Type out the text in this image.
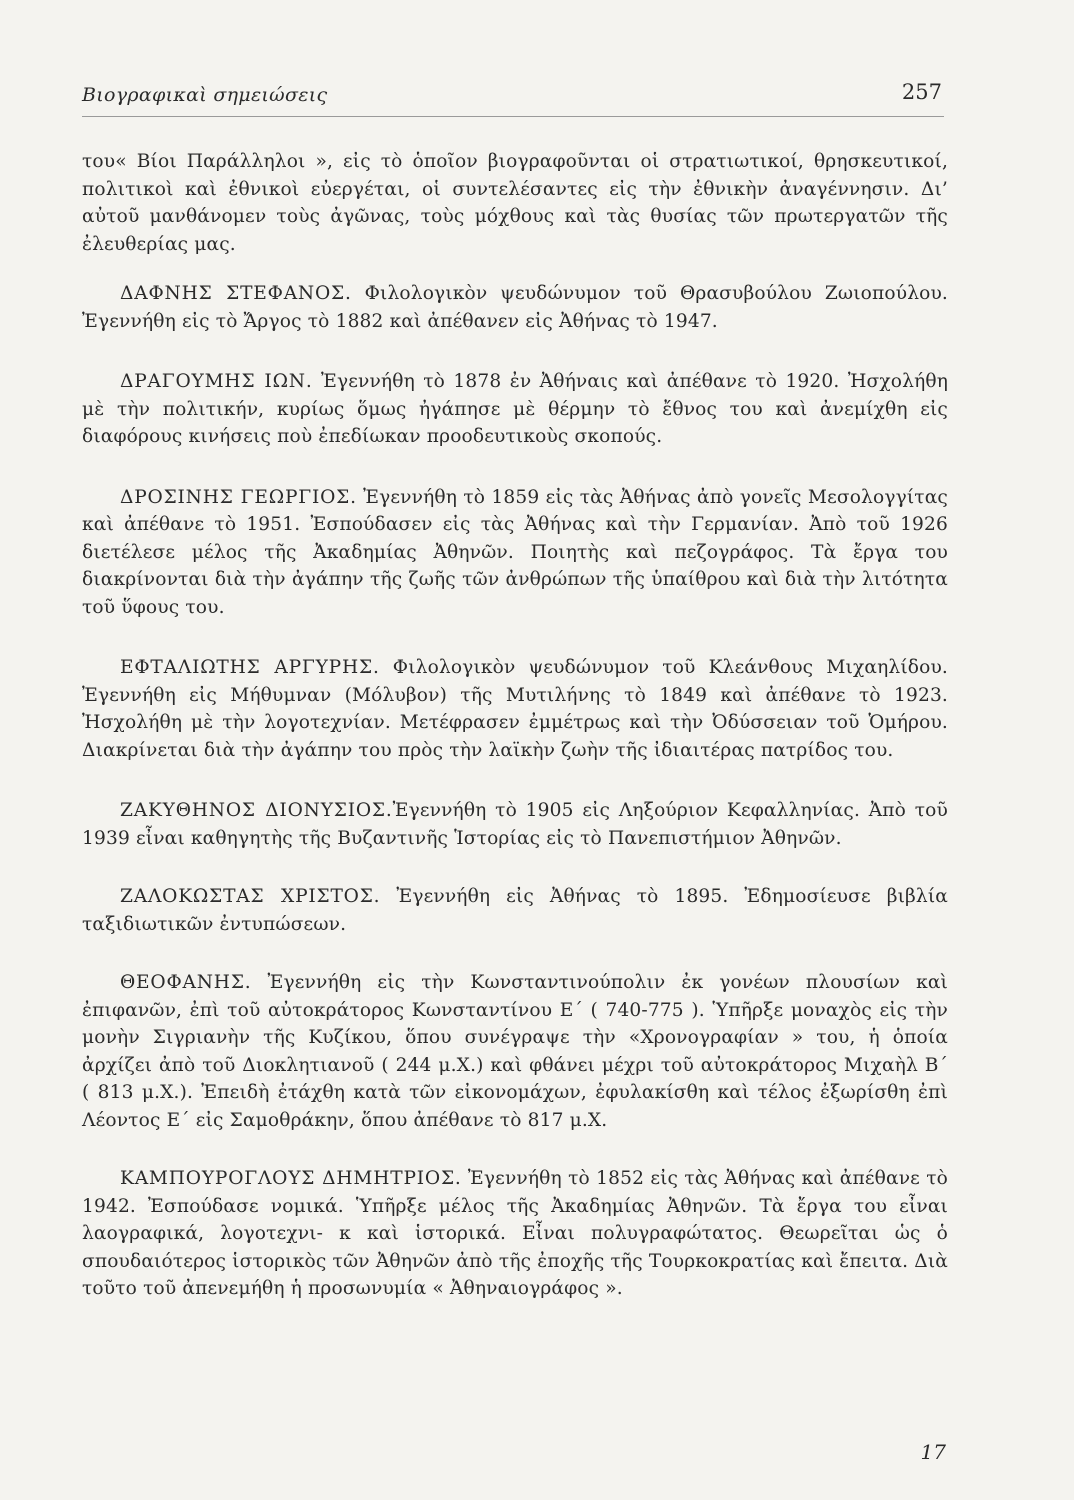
Βιογραφικαὶ σημειώσεις	257

του« Βίοι Παράλληλοι », εἰς τὸ ὁποῖον βιογραφοῦνται οἱ στρατιωτικοί, θρησκευτικοί, πολιτικοὶ καὶ ἐθνικοὶ εὐεργέται, οἱ συντελέσαντες εἰς τὴν ἐθνικὴν ἀναγέννησιν. Δι’ αὐτοῦ μανθάνομεν τοὺς ἀγῶνας, τοὺς μόχθους καὶ τὰς θυσίας τῶν πρωτεργατῶν τῆς ἐλευθερίας μας.

ΔΑΦΝΗΣ ΣΤΕΦΑΝΟΣ. Φιλολογικὸν ψευδώνυμον τοῦ Θρασυβούλου Ζωιοπούλου. Ἐγεννήθη εἰς τὸ Ἄργος τὸ 1882 καὶ ἀπέθανεν εἰς Ἀθήνας τὸ 1947.

ΔΡΑΓΟΥΜΗΣ ΙΩΝ. Ἐγεννήθη τὸ 1878 ἐν Ἀθήναις καὶ ἀπέθανε τὸ 1920. Ἠσχολήθη μὲ τὴν πολιτικήν, κυρίως ὅμως ἠγάπησε μὲ θέρμην τὸ ἔθνος του καὶ ἀνεμίχθη εἰς διαφόρους κινήσεις ποὺ ἐπεδίωκαν προοδευτικοὺς σκοπούς.

ΔΡΟΣΙΝΗΣ ΓΕΩΡΓΙΟΣ. Ἐγεννήθη τὸ 1859 εἰς τὰς Ἀθήνας ἀπὸ γονεῖς Μεσολογγίτας καὶ ἀπέθανε τὸ 1951. Ἐσπούδασεν εἰς τὰς Ἀθήνας καὶ τὴν Γερμανίαν. Ἀπὸ τοῦ 1926 διετέλεσε μέλος τῆς Ἀκαδημίας Ἀθηνῶν. Ποιητὴς καὶ πεζογράφος. Τὰ ἔργα του διακρίνονται διὰ τὴν ἀγάπην τῆς ζωῆς τῶν ἀνθρώπων τῆς ὑπαίθρου καὶ διὰ τὴν λιτότητα τοῦ ὕφους του.

ΕΦΤΑΛΙΩΤΗΣ ΑΡΓΥΡΗΣ. Φιλολογικὸν ψευδώνυμον τοῦ Κλεάνθους Μιχαηλίδου. Ἐγεννήθη εἰς Μήθυμναν (Μόλυβον) τῆς Μυτιλήνης τὸ 1849 καὶ ἀπέθανε τὸ 1923. Ἠσχολήθη μὲ τὴν λογοτεχνίαν. Μετέφρασεν ἐμμέτρως καὶ τὴν Ὀδύσσειαν τοῦ Ὁμήρου. Διακρίνεται διὰ τὴν ἀγάπην του πρὸς τὴν λαϊκὴν ζωὴν τῆς ἰδιαιτέρας πατρίδος του.

ΖΑΚΥΘΗΝΟΣ ΔΙΟΝΥΣΙΟΣ.Ἐγεννήθη τὸ 1905 εἰς Ληξούριον Κεφαλληνίας. Ἀπὸ τοῦ 1939 εἶναι καθηγητὴς τῆς Βυζαντινῆς Ἱστορίας εἰς τὸ Πανεπιστήμιον Ἀθηνῶν.

ΖΑΛΟΚΩΣΤΑΣ ΧΡΙΣΤΟΣ. Ἐγεννήθη εἰς Ἀθήνας τὸ 1895. Ἐδημοσίευσε βιβλία ταξιδιωτικῶν ἐντυπώσεων.

ΘΕΟΦΑΝΗΣ. Ἐγεννήθη εἰς τὴν Κωνσταντινούπολιν ἐκ γονέων πλουσίων καὶ ἐπιφανῶν, ἐπὶ τοῦ αὐτοκράτορος Κωνσταντίνου Ε΄ ( 740-775 ). Ὑπῆρξε μοναχὸς εἰς τὴν μονὴν Σιγριανὴν τῆς Κυζίκου, ὅπου συνέγραψε τὴν «Χρονογραφίαν » του, ἡ ὁποία ἀρχίζει ἀπὸ τοῦ Διοκλητιανοῦ ( 244 μ.Χ.) καὶ φθάνει μέχρι τοῦ αὐτοκράτορος Μιχαὴλ Β΄ ( 813 μ.Χ.). Ἐπειδὴ ἐτάχθη κατὰ τῶν εἰκονομάχων, ἐφυλακίσθη καὶ τέλος ἐξωρίσθη ἐπὶ Λέοντος Ε΄ εἰς Σαμοθράκην, ὅπου ἀπέθανε τὸ 817 μ.Χ.

ΚΑΜΠΟΥΡΟΓΛΟΥΣ ΔΗΜΗΤΡΙΟΣ. Ἐγεννήθη τὸ 1852 εἰς τὰς Ἀθήνας καὶ ἀπέθανε τὸ 1942. Ἐσπούδασε νομικά. Ὑπῆρξε μέλος τῆς Ἀκαδημίας Ἀθηνῶν. Τὰ ἔργα του εἶναι λαογραφικά, λογοτεχνι- κ καὶ ἱστορικά. Εἶναι πολυγραφώτατος. Θεωρεῖται ὡς ὁ σπουδαιότερος ἱστορικὸς τῶν Ἀθηνῶν ἀπὸ τῆς ἐποχῆς τῆς Τουρκοκρατίας καὶ ἔπειτα. Διὰ τοῦτο τοῦ ἀπενεμήθη ἡ προσωνυμία « Ἀθηναιογράφος ».

17
